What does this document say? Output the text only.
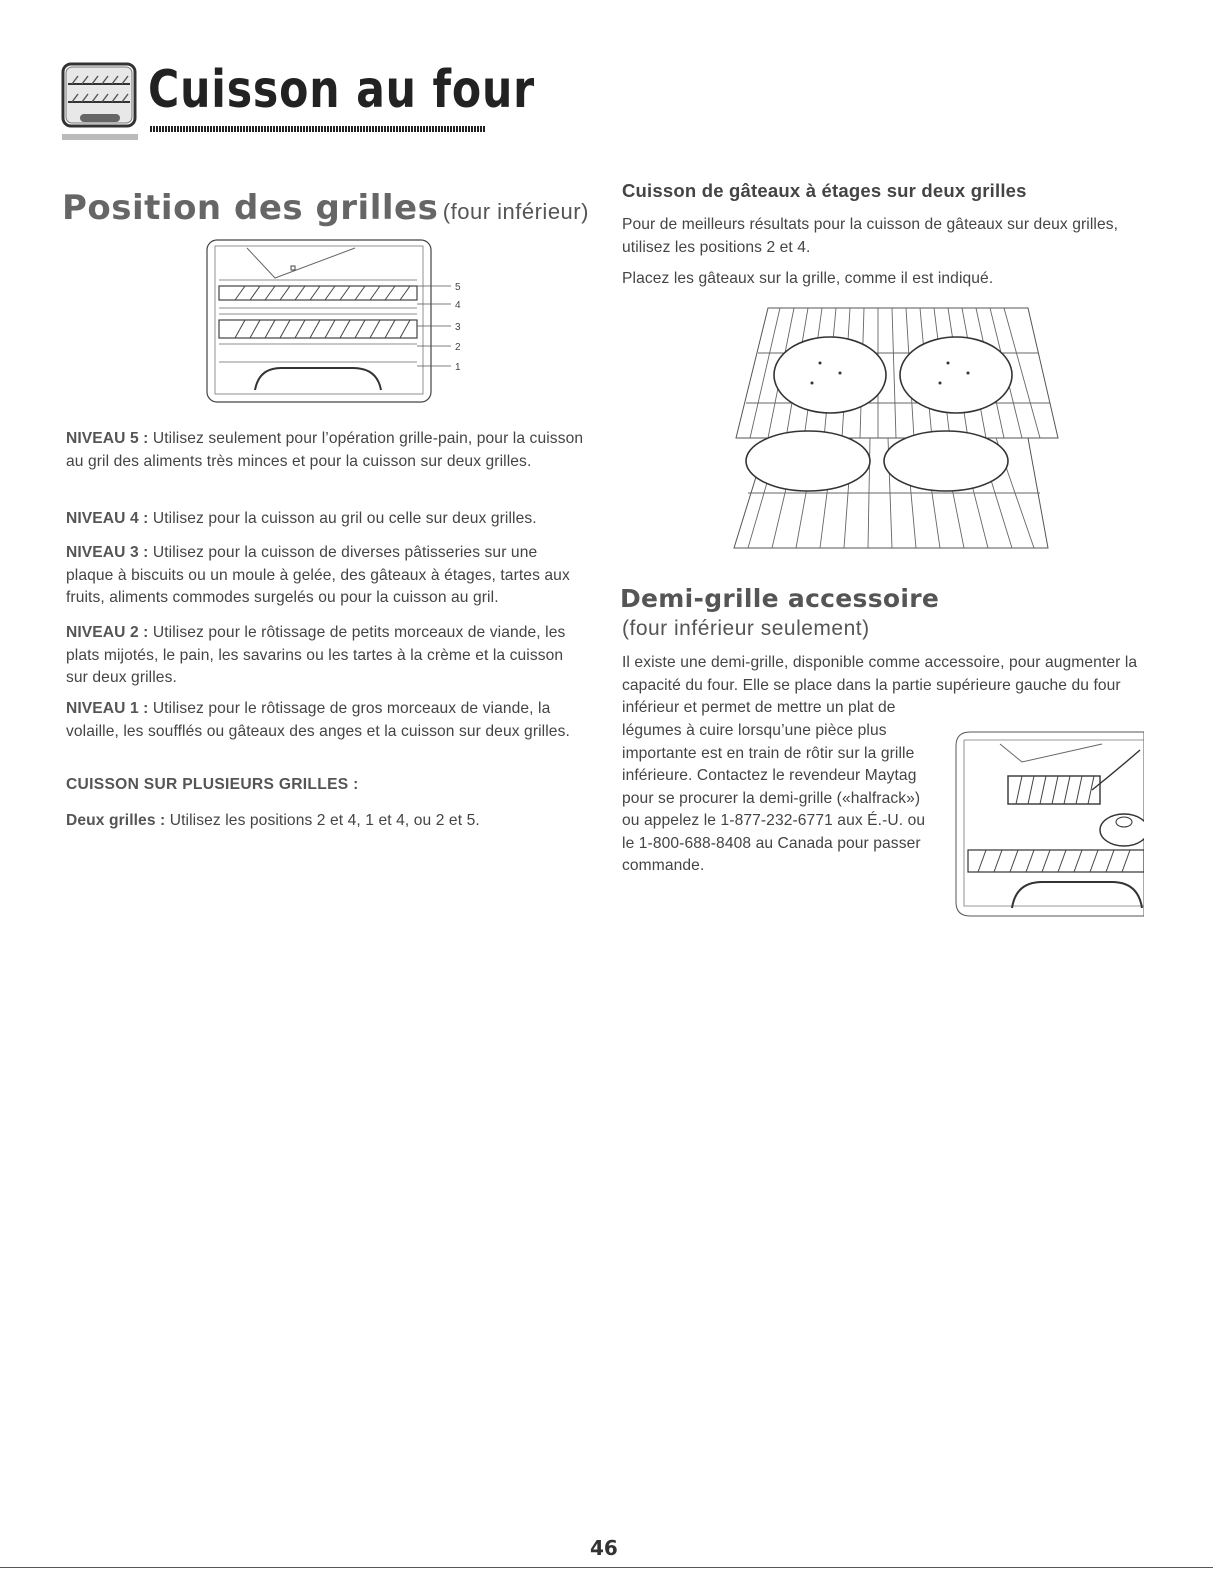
Cuisson au four
Position des grilles (four inférieur)
5
4
3
2
1
NIVEAU 5 : Utilisez seulement pour l’opération grille-pain, pour la cuisson au gril des aliments très minces et pour la cuisson sur deux grilles.
NIVEAU 4 : Utilisez pour la cuisson au gril ou celle sur deux grilles.
NIVEAU 3 : Utilisez pour la cuisson de diverses pâtisseries sur une plaque à biscuits ou un moule à gelée, des gâteaux à étages, tartes aux fruits, aliments commodes surgelés ou pour la cuisson au gril.
NIVEAU 2 : Utilisez pour le rôtissage de petits morceaux de viande, les plats mijotés, le pain, les savarins ou les tartes à la crème et la cuisson sur deux grilles.
NIVEAU 1 : Utilisez pour le rôtissage de gros morceaux de viande, la volaille, les soufflés ou gâteaux des anges et la cuisson sur deux grilles.
CUISSON SUR PLUSIEURS GRILLES :
Deux grilles : Utilisez les positions 2 et 4, 1 et 4, ou 2 et 5.
Cuisson de gâteaux à étages sur deux grilles
Pour de meilleurs résultats pour la cuisson de gâteaux sur deux grilles, utilisez les positions 2 et 4.
Placez les gâteaux sur la grille, comme il est indiqué.
Demi-grille accessoire
(four inférieur seulement)
Il existe une demi-grille, disponible comme accessoire, pour augmenter la capacité du four. Elle se place dans la partie supérieure gauche du four inférieur et permet de mettre un plat de
légumes à cuire lorsqu’une pièce plus importante est en train de rôtir sur la grille inférieure. Contactez le revendeur Maytag pour se procurer la demi-grille («halfrack») ou appelez le 1-877-232-6771 aux É.-U. ou le 1-800-688-8408 au Canada pour passer commande.
46
